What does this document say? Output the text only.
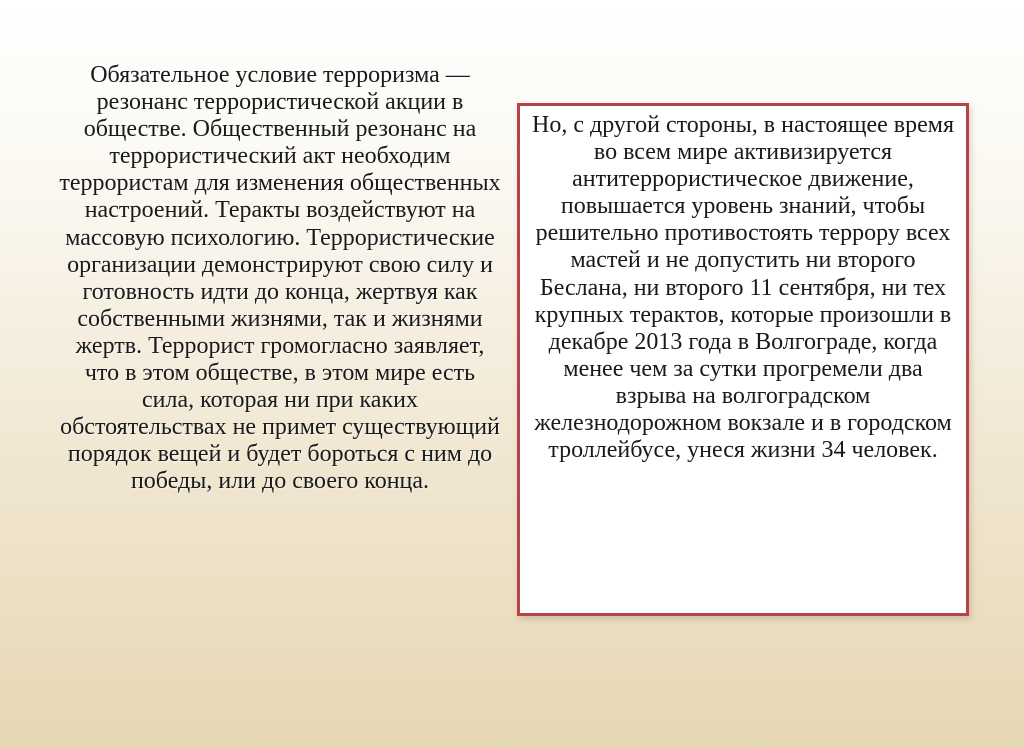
Обязательное условие терроризма — резонанс террористической акции в обществе. Общественный резонанс на террористический акт необходим террористам для изменения общественных настроений. Теракты воздействуют на массовую психологию. Террористические организации демонстрируют свою силу и готовность идти до конца, жертвуя как собственными жизнями, так и жизнями жертв. Террорист громогласно заявляет, что в этом обществе, в этом мире есть сила, которая ни при каких обстоятельствах не примет существующий порядок вещей и будет бороться с ним до победы, или до своего конца.

Но, с другой стороны, в настоящее время во всем мире активизируется антитеррористическое движение, повышается уровень знаний, чтобы решительно противостоять террору всех мастей и не допустить ни второго Беслана, ни второго 11 сентября, ни тех крупных терактов, которые произошли в декабре 2013 года в Волгограде, когда менее чем за сутки прогремели два взрыва на волгоградском железнодорожном вокзале и в городском троллейбусе, унеся жизни 34 человек.
